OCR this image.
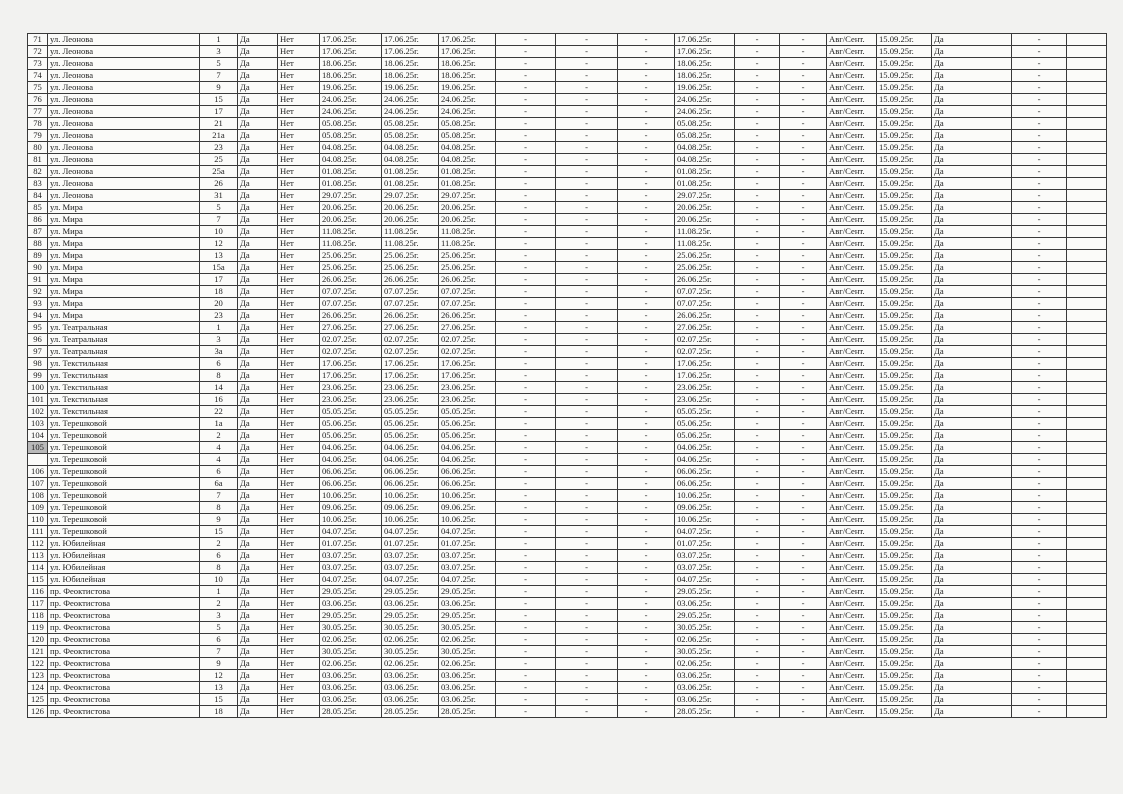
71	ул. Леонова	1	Да	Нет	17.06.25г.	17.06.25г.	17.06.25г.	-	-	-	17.06.25г.	-	-	Авг/Сент.	15.09.25г.	Да	-	
72	ул. Леонова	3	Да	Нет	17.06.25г.	17.06.25г.	17.06.25г.	-	-	-	17.06.25г.	-	-	Авг/Сент.	15.09.25г.	Да	-	
73	ул. Леонова	5	Да	Нет	18.06.25г.	18.06.25г.	18.06.25г.	-	-	-	18.06.25г.	-	-	Авг/Сент.	15.09.25г.	Да	-	
74	ул. Леонова	7	Да	Нет	18.06.25г.	18.06.25г.	18.06.25г.	-	-	-	18.06.25г.	-	-	Авг/Сент.	15.09.25г.	Да	-	
75	ул. Леонова	9	Да	Нет	19.06.25г.	19.06.25г.	19.06.25г.	-	-	-	19.06.25г.	-	-	Авг/Сент.	15.09.25г.	Да	-	
76	ул. Леонова	15	Да	Нет	24.06.25г.	24.06.25г.	24.06.25г.	-	-	-	24.06.25г.	-	-	Авг/Сент.	15.09.25г.	Да	-	
77	ул. Леонова	17	Да	Нет	24.06.25г.	24.06.25г.	24.06.25г.	-	-	-	24.06.25г.	-	-	Авг/Сент.	15.09.25г.	Да	-	
78	ул. Леонова	21	Да	Нет	05.08.25г.	05.08.25г.	05.08.25г.	-	-	-	05.08.25г.	-	-	Авг/Сент.	15.09.25г.	Да	-	
79	ул. Леонова	21а	Да	Нет	05.08.25г.	05.08.25г.	05.08.25г.	-	-	-	05.08.25г.	-	-	Авг/Сент.	15.09.25г.	Да	-	
80	ул. Леонова	23	Да	Нет	04.08.25г.	04.08.25г.	04.08.25г.	-	-	-	04.08.25г.	-	-	Авг/Сент.	15.09.25г.	Да	-	
81	ул. Леонова	25	Да	Нет	04.08.25г.	04.08.25г.	04.08.25г.	-	-	-	04.08.25г.	-	-	Авг/Сент.	15.09.25г.	Да	-	
82	ул. Леонова	25а	Да	Нет	01.08.25г.	01.08.25г.	01.08.25г.	-	-	-	01.08.25г.	-	-	Авг/Сент.	15.09.25г.	Да	-	
83	ул. Леонова	26	Да	Нет	01.08.25г.	01.08.25г.	01.08.25г.	-	-	-	01.08.25г.	-	-	Авг/Сент.	15.09.25г.	Да	-	
84	ул. Леонова	31	Да	Нет	29.07.25г.	29.07.25г.	29.07.25г.	-	-	-	29.07.25г.	-	-	Авг/Сент.	15.09.25г.	Да	-	
85	ул. Мира	5	Да	Нет	20.06.25г.	20.06.25г.	20.06.25г.	-	-	-	20.06.25г.	-	-	Авг/Сент.	15.09.25г.	Да	-	
86	ул. Мира	7	Да	Нет	20.06.25г.	20.06.25г.	20.06.25г.	-	-	-	20.06.25г.	-	-	Авг/Сент.	15.09.25г.	Да	-	
87	ул. Мира	10	Да	Нет	11.08.25г.	11.08.25г.	11.08.25г.	-	-	-	11.08.25г.	-	-	Авг/Сент.	15.09.25г.	Да	-	
88	ул. Мира	12	Да	Нет	11.08.25г.	11.08.25г.	11.08.25г.	-	-	-	11.08.25г.	-	-	Авг/Сент.	15.09.25г.	Да	-	
89	ул. Мира	13	Да	Нет	25.06.25г.	25.06.25г.	25.06.25г.	-	-	-	25.06.25г.	-	-	Авг/Сент.	15.09.25г.	Да	-	
90	ул. Мира	15а	Да	Нет	25.06.25г.	25.06.25г.	25.06.25г.	-	-	-	25.06.25г.	-	-	Авг/Сент.	15.09.25г.	Да	-	
91	ул. Мира	17	Да	Нет	26.06.25г.	26.06.25г.	26.06.25г.	-	-	-	26.06.25г.	-	-	Авг/Сент.	15.09.25г.	Да	-	
92	ул. Мира	18	Да	Нет	07.07.25г.	07.07.25г.	07.07.25г.	-	-	-	07.07.25г.	-	-	Авг/Сент.	15.09.25г.	Да	-	
93	ул. Мира	20	Да	Нет	07.07.25г.	07.07.25г.	07.07.25г.	-	-	-	07.07.25г.	-	-	Авг/Сент.	15.09.25г.	Да	-	
94	ул. Мира	23	Да	Нет	26.06.25г.	26.06.25г.	26.06.25г.	-	-	-	26.06.25г.	-	-	Авг/Сент.	15.09.25г.	Да	-	
95	ул. Театральная	1	Да	Нет	27.06.25г.	27.06.25г.	27.06.25г.	-	-	-	27.06.25г.	-	-	Авг/Сент.	15.09.25г.	Да	-	
96	ул. Театральная	3	Да	Нет	02.07.25г.	02.07.25г.	02.07.25г.	-	-	-	02.07.25г.	-	-	Авг/Сент.	15.09.25г.	Да	-	
97	ул. Театральная	3а	Да	Нет	02.07.25г.	02.07.25г.	02.07.25г.	-	-	-	02.07.25г.	-	-	Авг/Сент.	15.09.25г.	Да	-	
98	ул. Текстильная	6	Да	Нет	17.06.25г.	17.06.25г.	17.06.25г.	-	-	-	17.06.25г.	-	-	Авг/Сент.	15.09.25г.	Да	-	
99	ул. Текстильная	8	Да	Нет	17.06.25г.	17.06.25г.	17.06.25г.	-	-	-	17.06.25г.	-	-	Авг/Сент.	15.09.25г.	Да	-	
100	ул. Текстильная	14	Да	Нет	23.06.25г.	23.06.25г.	23.06.25г.	-	-	-	23.06.25г.	-	-	Авг/Сент.	15.09.25г.	Да	-	
101	ул. Текстильная	16	Да	Нет	23.06.25г.	23.06.25г.	23.06.25г.	-	-	-	23.06.25г.	-	-	Авг/Сент.	15.09.25г.	Да	-	
102	ул. Текстильная	22	Да	Нет	05.05.25г.	05.05.25г.	05.05.25г.	-	-	-	05.05.25г.	-	-	Авг/Сент.	15.09.25г.	Да	-	
103	ул. Терешковой	1а	Да	Нет	05.06.25г.	05.06.25г.	05.06.25г.	-	-	-	05.06.25г.	-	-	Авг/Сент.	15.09.25г.	Да	-	
104	ул. Терешковой	2	Да	Нет	05.06.25г.	05.06.25г.	05.06.25г.	-	-	-	05.06.25г.	-	-	Авг/Сент.	15.09.25г.	Да	-	
105	ул. Терешковой	4	Да	Нет	04.06.25г.	04.06.25г.	04.06.25г.	-	-	-	04.06.25г.	-	-	Авг/Сент.	15.09.25г.	Да	-	
	ул. Терешковой	4	Да	Нет	04.06.25г.	04.06.25г.	04.06.25г.	-	-	-	04.06.25г.	-	-	Авг/Сент.	15.09.25г.	Да	-	
106	ул. Терешковой	6	Да	Нет	06.06.25г.	06.06.25г.	06.06.25г.	-	-	-	06.06.25г.	-	-	Авг/Сент.	15.09.25г.	Да	-	
107	ул. Терешковой	6а	Да	Нет	06.06.25г.	06.06.25г.	06.06.25г.	-	-	-	06.06.25г.	-	-	Авг/Сент.	15.09.25г.	Да	-	
108	ул. Терешковой	7	Да	Нет	10.06.25г.	10.06.25г.	10.06.25г.	-	-	-	10.06.25г.	-	-	Авг/Сент.	15.09.25г.	Да	-	
109	ул. Терешковой	8	Да	Нет	09.06.25г.	09.06.25г.	09.06.25г.	-	-	-	09.06.25г.	-	-	Авг/Сент.	15.09.25г.	Да	-	
110	ул. Терешковой	9	Да	Нет	10.06.25г.	10.06.25г.	10.06.25г.	-	-	-	10.06.25г.	-	-	Авг/Сент.	15.09.25г.	Да	-	
111	ул. Терешковой	15	Да	Нет	04.07.25г.	04.07.25г.	04.07.25г.	-	-	-	04.07.25г.	-	-	Авг/Сент.	15.09.25г.	Да	-	
112	ул. Юбилейная	2	Да	Нет	01.07.25г.	01.07.25г.	01.07.25г.	-	-	-	01.07.25г.	-	-	Авг/Сент.	15.09.25г.	Да	-	
113	ул. Юбилейная	6	Да	Нет	03.07.25г.	03.07.25г.	03.07.25г.	-	-	-	03.07.25г.	-	-	Авг/Сент.	15.09.25г.	Да	-	
114	ул. Юбилейная	8	Да	Нет	03.07.25г.	03.07.25г.	03.07.25г.	-	-	-	03.07.25г.	-	-	Авг/Сент.	15.09.25г.	Да	-	
115	ул. Юбилейная	10	Да	Нет	04.07.25г.	04.07.25г.	04.07.25г.	-	-	-	04.07.25г.	-	-	Авг/Сент.	15.09.25г.	Да	-	
116	пр. Феоктистова	1	Да	Нет	29.05.25г.	29.05.25г.	29.05.25г.	-	-	-	29.05.25г.	-	-	Авг/Сент.	15.09.25г.	Да	-	
117	пр. Феоктистова	2	Да	Нет	03.06.25г.	03.06.25г.	03.06.25г.	-	-	-	03.06.25г.	-	-	Авг/Сент.	15.09.25г.	Да	-	
118	пр. Феоктистова	3	Да	Нет	29.05.25г.	29.05.25г.	29.05.25г.	-	-	-	29.05.25г.	-	-	Авг/Сент.	15.09.25г.	Да	-	
119	пр. Феоктистова	5	Да	Нет	30.05.25г.	30.05.25г.	30.05.25г.	-	-	-	30.05.25г.	-	-	Авг/Сент.	15.09.25г.	Да	-	
120	пр. Феоктистова	6	Да	Нет	02.06.25г.	02.06.25г.	02.06.25г.	-	-	-	02.06.25г.	-	-	Авг/Сент.	15.09.25г.	Да	-	
121	пр. Феоктистова	7	Да	Нет	30.05.25г.	30.05.25г.	30.05.25г.	-	-	-	30.05.25г.	-	-	Авг/Сент.	15.09.25г.	Да	-	
122	пр. Феоктистова	9	Да	Нет	02.06.25г.	02.06.25г.	02.06.25г.	-	-	-	02.06.25г.	-	-	Авг/Сент.	15.09.25г.	Да	-	
123	пр. Феоктистова	12	Да	Нет	03.06.25г.	03.06.25г.	03.06.25г.	-	-	-	03.06.25г.	-	-	Авг/Сент.	15.09.25г.	Да	-	
124	пр. Феоктистова	13	Да	Нет	03.06.25г.	03.06.25г.	03.06.25г.	-	-	-	03.06.25г.	-	-	Авг/Сент.	15.09.25г.	Да	-	
125	пр. Феоктистова	15	Да	Нет	03.06.25г.	03.06.25г.	03.06.25г.	-	-	-	03.06.25г.	-	-	Авг/Сент.	15.09.25г.	Да	-	
126	пр. Феоктистова	18	Да	Нет	28.05.25г.	28.05.25г.	28.05.25г.	-	-	-	28.05.25г.	-	-	Авг/Сент.	15.09.25г.	Да	-	
